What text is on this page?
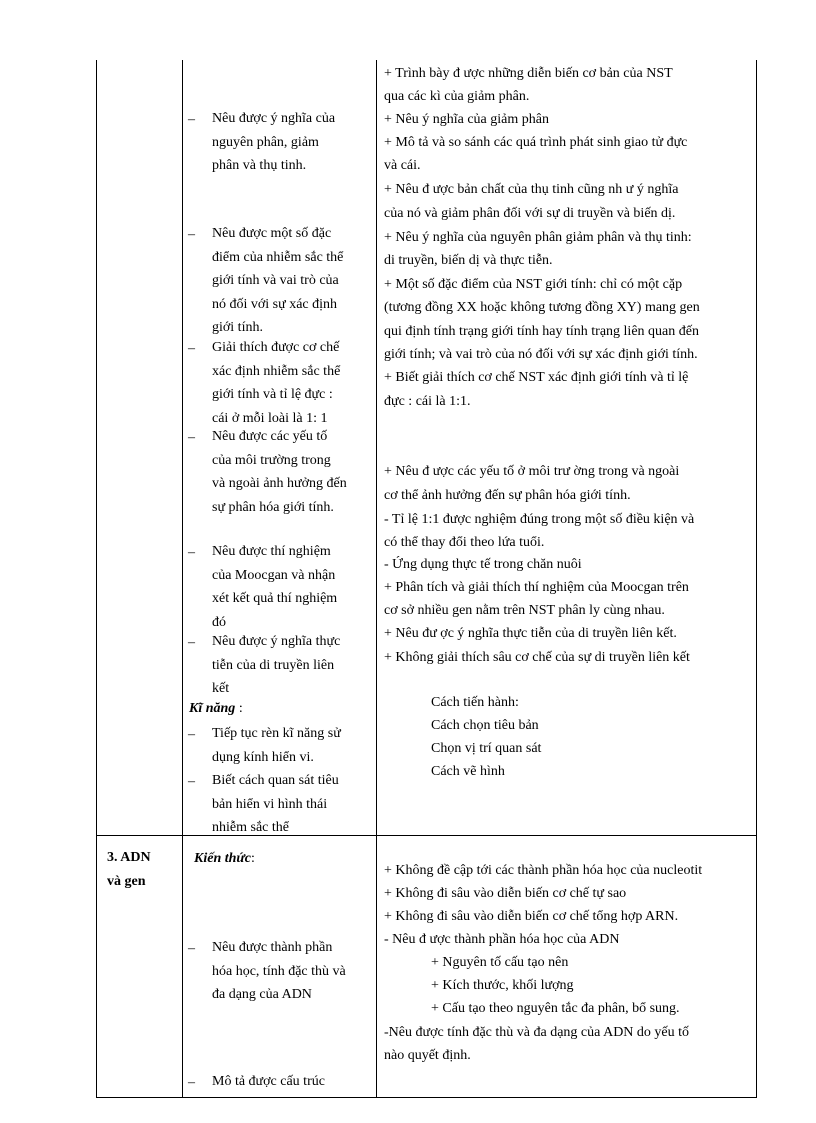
– Nêu được ý nghĩa của
nguyên phân, giảm
phân và thụ tinh.
– Nêu được một số đặc
điểm của nhiễm sắc thể
giới tính và vai trò của
nó đối với sự xác định
giới tính.
– Giải thích được cơ chế
xác định nhiễm sắc thể
giới tính và tỉ lệ đực :
cái ở mỗi loài là 1: 1
– Nêu được các yếu tố
của môi trường trong
và ngoài ảnh hưởng đến
sự phân hóa giới tính.
– Nêu được thí nghiệm
của Moocgan và nhận
xét kết quả thí nghiệm
đó
– Nêu được ý nghĩa thực
tiễn của di truyền liên
kết
Kĩ năng :
– Tiếp tục rèn kĩ năng sử
dụng kính hiển vi.
– Biết cách quan sát tiêu
bản hiển vi hình thái
nhiễm sắc thể
+ Trình bày đ ược những diễn biến cơ bản của NST
qua các kì của giảm phân.
+ Nêu ý nghĩa của giảm phân
+ Mô tả và so sánh các quá trình phát sinh giao tử đực
và cái.
+ Nêu đ ược bản chất của thụ tinh cũng nh ư ý nghĩa
của nó và giảm phân đối với sự di truyền và biến dị.
+ Nêu ý nghĩa của nguyên phân giảm phân và thụ tinh:
di truyền, biến dị và thực tiễn.
+ Một số đặc điểm của NST giới tính: chỉ có một cặp
(tương đồng XX hoặc không tương đồng XY) mang gen
qui định tính trạng giới tính hay tính trạng liên quan đến
giới tính; và vai trò của nó đối với sự xác định giới tính.
+ Biết giải thích cơ chế NST xác định giới tính và tỉ lệ
đực : cái là 1:1.
+ Nêu đ ược các yếu tố ở môi trư ờng trong và ngoài
cơ thể ảnh hưởng đến sự phân hóa giới tính.
- Tỉ lệ 1:1 được nghiệm đúng trong một số điều kiện và
có thể thay đổi theo lứa tuổi.
- Ứng dụng thực tế trong chăn nuôi
+ Phân tích và giải thích thí nghiệm của Moocgan trên
cơ sở nhiều gen nằm trên NST phân ly cùng nhau.
+ Nêu đư ợc ý nghĩa thực tiễn của di truyền liên kết.
+ Không giải thích sâu cơ chế của sự di truyền liên kết
Cách tiến hành:
Cách chọn tiêu bản
Chọn vị trí quan sát
Cách vẽ hình
3. ADN
và gen
Kiến thức:
– Nêu được thành phần
hóa học, tính đặc thù và
đa dạng của ADN
– Mô tả được cấu trúc
+ Không đề cập tới các thành phần hóa học của nucleotit
+ Không đi sâu vào diễn biến cơ chế tự sao
+ Không đi sâu vào diễn biến cơ chế tổng hợp ARN.
- Nêu đ ược thành phần hóa học của ADN
+ Nguyên tố cấu tạo nên
+ Kích thước, khối lượng
+ Cấu tạo theo nguyên tắc đa phân, bổ sung.
-Nêu được tính đặc thù và đa dạng của ADN do yếu tố
nào quyết định.
